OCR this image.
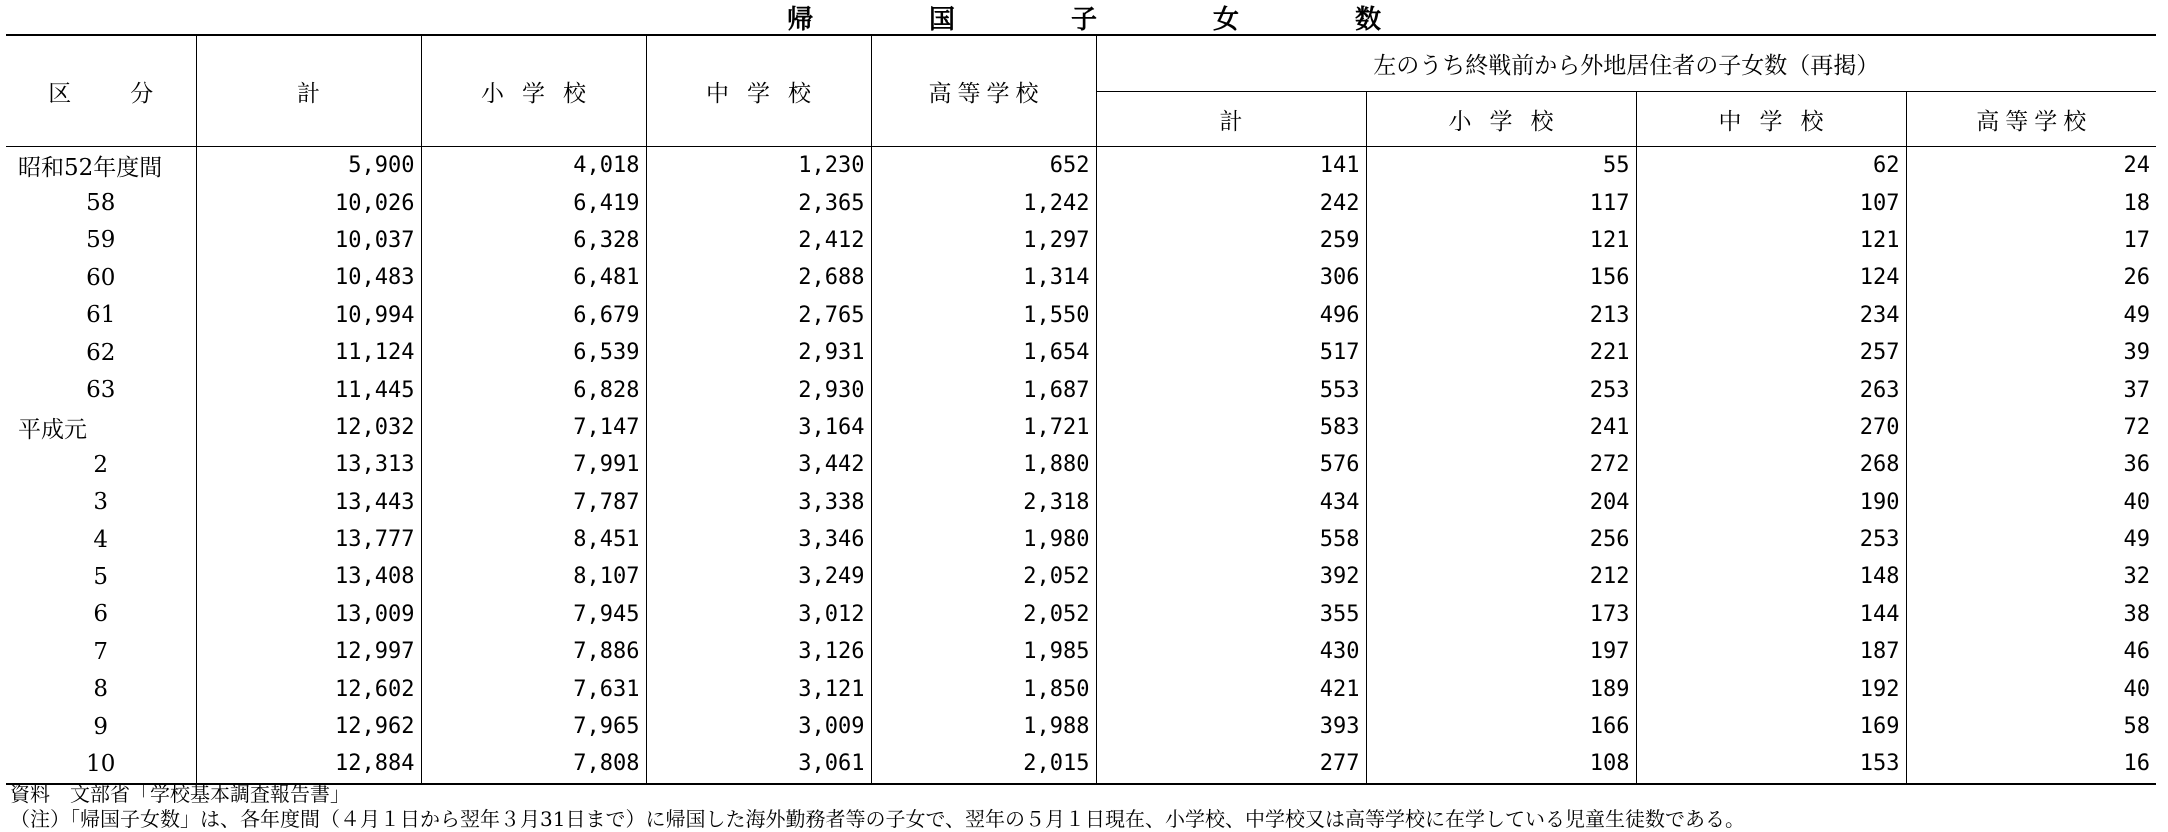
帰	国	子	女	数
区　分	計	小学校	中学校	高等学校	左のうち終戦前から外地居住者の子女数（再掲）			
					計	小学校	中学校	高等学校
昭和52年度間	5,900	4,018	1,230	652	141	55	62	24
58	10,026	6,419	2,365	1,242	242	117	107	18
59	10,037	6,328	2,412	1,297	259	121	121	17
60	10,483	6,481	2,688	1,314	306	156	124	26
61	10,994	6,679	2,765	1,550	496	213	234	49
62	11,124	6,539	2,931	1,654	517	221	257	39
63	11,445	6,828	2,930	1,687	553	253	263	37
平成元	12,032	7,147	3,164	1,721	583	241	270	72
2	13,313	7,991	3,442	1,880	576	272	268	36
3	13,443	7,787	3,338	2,318	434	204	190	40
4	13,777	8,451	3,346	1,980	558	256	253	49
5	13,408	8,107	3,249	2,052	392	212	148	32
6	13,009	7,945	3,012	2,052	355	173	144	38
7	12,997	7,886	3,126	1,985	430	197	187	46
8	12,602	7,631	3,121	1,850	421	189	192	40
9	12,962	7,965	3,009	1,988	393	166	169	58
10	12,884	7,808	3,061	2,015	277	108	153	16
資料　文部省「学校基本調査報告書」
（注）「帰国子女数」は、各年度間（４月１日から翌年３月31日まで）に帰国した海外勤務者等の子女で、翌年の５月１日現在、小学校、中学校又は高等学校に在学している児童生徒数である。
